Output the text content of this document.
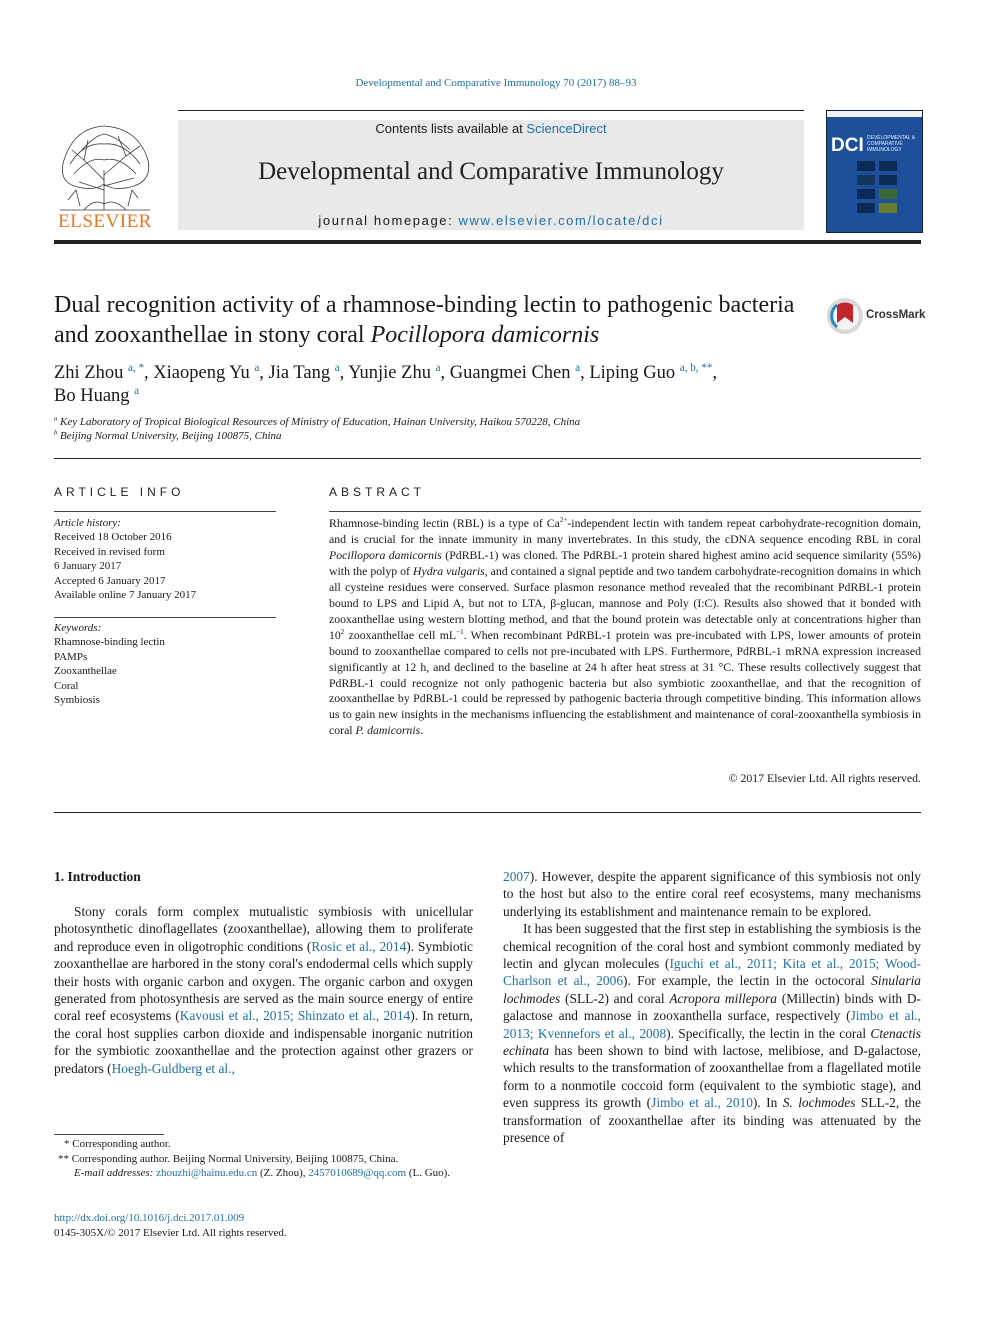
Developmental and Comparative Immunology 70 (2017) 88–93
ELSEVIER
Contents lists available at ScienceDirect
Developmental and Comparative Immunology
journal homepage: www.elsevier.com/locate/dci
DCI DEVELOPMENTAL & COMPARATIVE IMMUNOLOGY
Dual recognition activity of a rhamnose-binding lectin to pathogenic bacteria and zooxanthellae in stony coral Pocillopora damicornis
CrossMark
Zhi Zhou $^{a, *}$, Xiaopeng Yu $^a$, Jia Tang $^a$, Yunjie Zhu $^a$, Guangmei Chen $^a$, Liping Guo $^{a, b, **}$,
Bo Huang $^a$
$^a$ Key Laboratory of Tropical Biological Resources of Ministry of Education, Hainan University, Haikou 570228, China
$^b$ Beijing Normal University, Beijing 100875, China
ARTICLE INFO
Article history:
Received 18 October 2016
Received in revised form
6 January 2017
Accepted 6 January 2017
Available online 7 January 2017
Keywords:
Rhamnose-binding lectin
PAMPs
Zooxanthellae
Coral
Symbiosis
ABSTRACT
Rhamnose-binding lectin (RBL) is a type of $Ca^{2+}$-independent lectin with tandem repeat carbohydrate-recognition domain, and is crucial for the innate immunity in many invertebrates. In this study, the cDNA sequence encoding RBL in coral Pocillopora damicornis (PdRBL-1) was cloned. The PdRBL-1 protein shared highest amino acid sequence similarity (55%) with the polyp of Hydra vulgaris, and contained a signal peptide and two tandem carbohydrate-recognition domains in which all cysteine residues were conserved. Surface plasmon resonance method revealed that the recombinant PdRBL-1 protein bound to LPS and Lipid A, but not to LTA, β-glucan, mannose and Poly (I:C). Results also showed that it bonded with zooxanthellae using western blotting method, and that the bound protein was detectable only at concentrations higher than $10^2$ zooxanthellae cell $mL^{-1}$. When recombinant PdRBL-1 protein was pre-incubated with LPS, lower amounts of protein bound to zooxanthellae compared to cells not pre-incubated with LPS. Furthermore, PdRBL-1 mRNA expression increased significantly at 12 h, and declined to the baseline at 24 h after heat stress at 31 °C. These results collectively suggest that PdRBL-1 could recognize not only pathogenic bacteria but also symbiotic zooxanthellae, and that the recognition of zooxanthellae by PdRBL-1 could be repressed by pathogenic bacteria through competitive binding. This information allows us to gain new insights in the mechanisms influencing the establishment and maintenance of coral-zooxanthella symbiosis in coral P. damicornis.
© 2017 Elsevier Ltd. All rights reserved.
1. Introduction

Stony corals form complex mutualistic symbiosis with unicellular photosynthetic dinoflagellates (zooxanthellae), allowing them to proliferate and reproduce even in oligotrophic conditions (Rosic et al., 2014). Symbiotic zooxanthellae are harbored in the stony coral's endodermal cells which supply their hosts with organic carbon and oxygen. The organic carbon and oxygen generated from photosynthesis are served as the main source energy of entire coral reef ecosystems (Kavousi et al., 2015; Shinzato et al., 2014). In return, the coral host supplies carbon dioxide and indispensable inorganic nutrition for the symbiotic zooxanthellae and the protection against other grazers or predators (Hoegh-Guldberg et al.,

2007). However, despite the apparent significance of this symbiosis not only to the host but also to the entire coral reef ecosystems, many mechanisms underlying its establishment and maintenance remain to be explored.

It has been suggested that the first step in establishing the symbiosis is the chemical recognition of the coral host and symbiont commonly mediated by lectin and glycan molecules (Iguchi et al., 2011; Kita et al., 2015; Wood-Charlson et al., 2006). For example, the lectin in the octocoral Sinularia lochmodes (SLL-2) and coral Acropora millepora (Millectin) binds with D-galactose and mannose in zooxanthella surface, respectively (Jimbo et al., 2013; Kvennefors et al., 2008). Specifically, the lectin in the coral Ctenactis echinata has been shown to bind with lactose, melibiose, and D-galactose, which results to the transformation of zooxanthellae from a flagellated motile form to a nonmotile coccoid form (equivalent to the symbiotic stage), and even suppress its growth (Jimbo et al., 2010). In S. lochmodes SLL-2, the transformation of zooxanthellae after its binding was attenuated by the presence of

* Corresponding author.
** Corresponding author. Beijing Normal University, Beijing 100875, China.
E-mail addresses: zhouzhi@hainu.edu.cn (Z. Zhou), 2457010689@qq.com (L. Guo).
http://dx.doi.org/10.1016/j.dci.2017.01.009
0145-305X/© 2017 Elsevier Ltd. All rights reserved.
